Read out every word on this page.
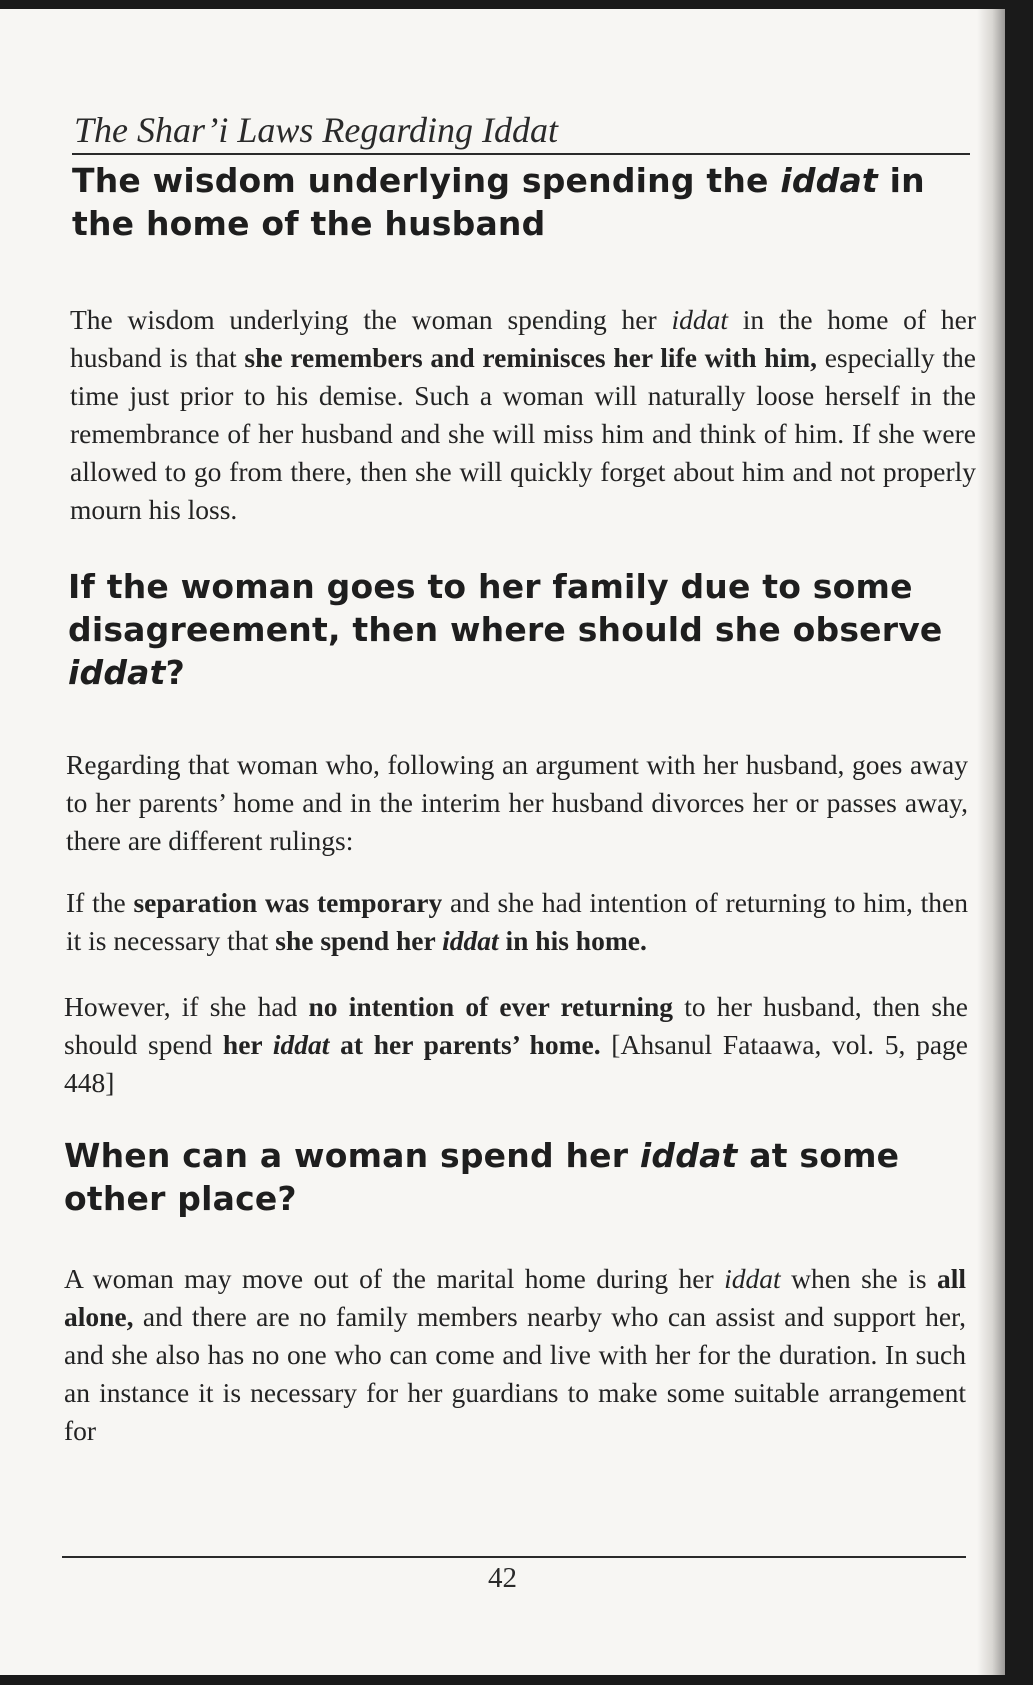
The Shar’i Laws Regarding Iddat
The wisdom underlying spending the iddat in the home of the husband

The wisdom underlying the woman spending her iddat in the home of her husband is that she remembers and reminisces her life with him, especially the time just prior to his demise. Such a woman will naturally loose herself in the remembrance of her husband and she will miss him and think of him. If she were allowed to go from there, then she will quickly forget about him and not properly mourn his loss.

If the woman goes to her family due to some disagreement, then where should she observe iddat?

Regarding that woman who, following an argument with her husband, goes away to her parents’ home and in the interim her husband divorces her or passes away, there are different rulings:

If the separation was temporary and she had intention of returning to him, then it is necessary that she spend her iddat in his home.

However, if she had no intention of ever returning to her husband, then she should spend her iddat at her parents’ home. [Ahsanul Fataawa, vol. 5, page 448]

When can a woman spend her iddat at some other place?

A woman may move out of the marital home during her iddat when she is all alone, and there are no family members nearby who can assist and support her, and she also has no one who can come and live with her for the duration. In such an instance it is necessary for her guardians to make some suitable arrangement for

42
